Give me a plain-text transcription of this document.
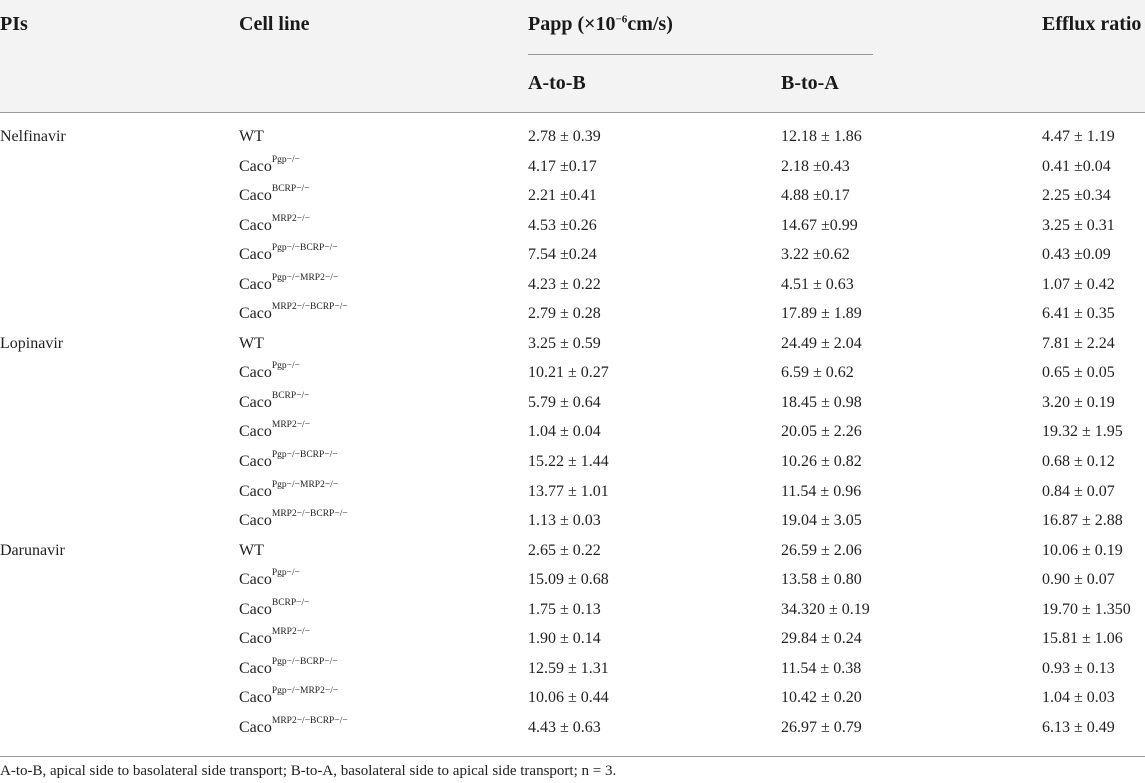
PIs	Cell line	Papp $(\times 10^{-6}cm/s)$	Efflux ratio
A-to-B	B-to-A
Nelfinavir	WT	2.78 ± 0.39	12.18 ± 1.86	4.47 ± 1.19
Caco$^{Pgp-/-}$	4.17 ±0.17	2.18 ±0.43	0.41 ±0.04
Caco$^{BCRP-/-}$	2.21 ±0.41	4.88 ±0.17	2.25 ±0.34
Caco$^{MRP2-/-}$	4.53 ±0.26	14.67 ±0.99	3.25 ± 0.31
Caco$^{Pgp-/-BCRP-/-}$	7.54 ±0.24	3.22 ±0.62	0.43 ±0.09
Caco$^{Pgp-/-MRP2-/-}$	4.23 ± 0.22	4.51 ± 0.63	1.07 ± 0.42
Caco$^{MRP2-/-BCRP-/-}$	2.79 ± 0.28	17.89 ± 1.89	6.41 ± 0.35
Lopinavir	WT	3.25 ± 0.59	24.49 ± 2.04	7.81 ± 2.24
Caco$^{Pgp-/-}$	10.21 ± 0.27	6.59 ± 0.62	0.65 ± 0.05
Caco$^{BCRP-/-}$	5.79 ± 0.64	18.45 ± 0.98	3.20 ± 0.19
Caco$^{MRP2-/-}$	1.04 ± 0.04	20.05 ± 2.26	19.32 ± 1.95
Caco$^{Pgp-/-BCRP-/-}$	15.22 ± 1.44	10.26 ± 0.82	0.68 ± 0.12
Caco$^{Pgp-/-MRP2-/-}$	13.77 ± 1.01	11.54 ± 0.96	0.84 ± 0.07
Caco$^{MRP2-/-BCRP-/-}$	1.13 ± 0.03	19.04 ± 3.05	16.87 ± 2.88
Darunavir	WT	2.65 ± 0.22	26.59 ± 2.06	10.06 ± 0.19
Caco$^{Pgp-/-}$	15.09 ± 0.68	13.58 ± 0.80	0.90 ± 0.07
Caco$^{BCRP-/-}$	1.75 ± 0.13	34.320 ± 0.19	19.70 ± 1.350
Caco$^{MRP2-/-}$	1.90 ± 0.14	29.84 ± 0.24	15.81 ± 1.06
Caco$^{Pgp-/-BCRP-/-}$	12.59 ± 1.31	11.54 ± 0.38	0.93 ± 0.13
Caco$^{Pgp-/-MRP2-/-}$	10.06 ± 0.44	10.42 ± 0.20	1.04 ± 0.03
Caco$^{MRP2-/-BCRP-/-}$	4.43 ± 0.63	26.97 ± 0.79	6.13 ± 0.49
A-to-B, apical side to basolateral side transport; B-to-A, basolateral side to apical side transport; n = 3.
